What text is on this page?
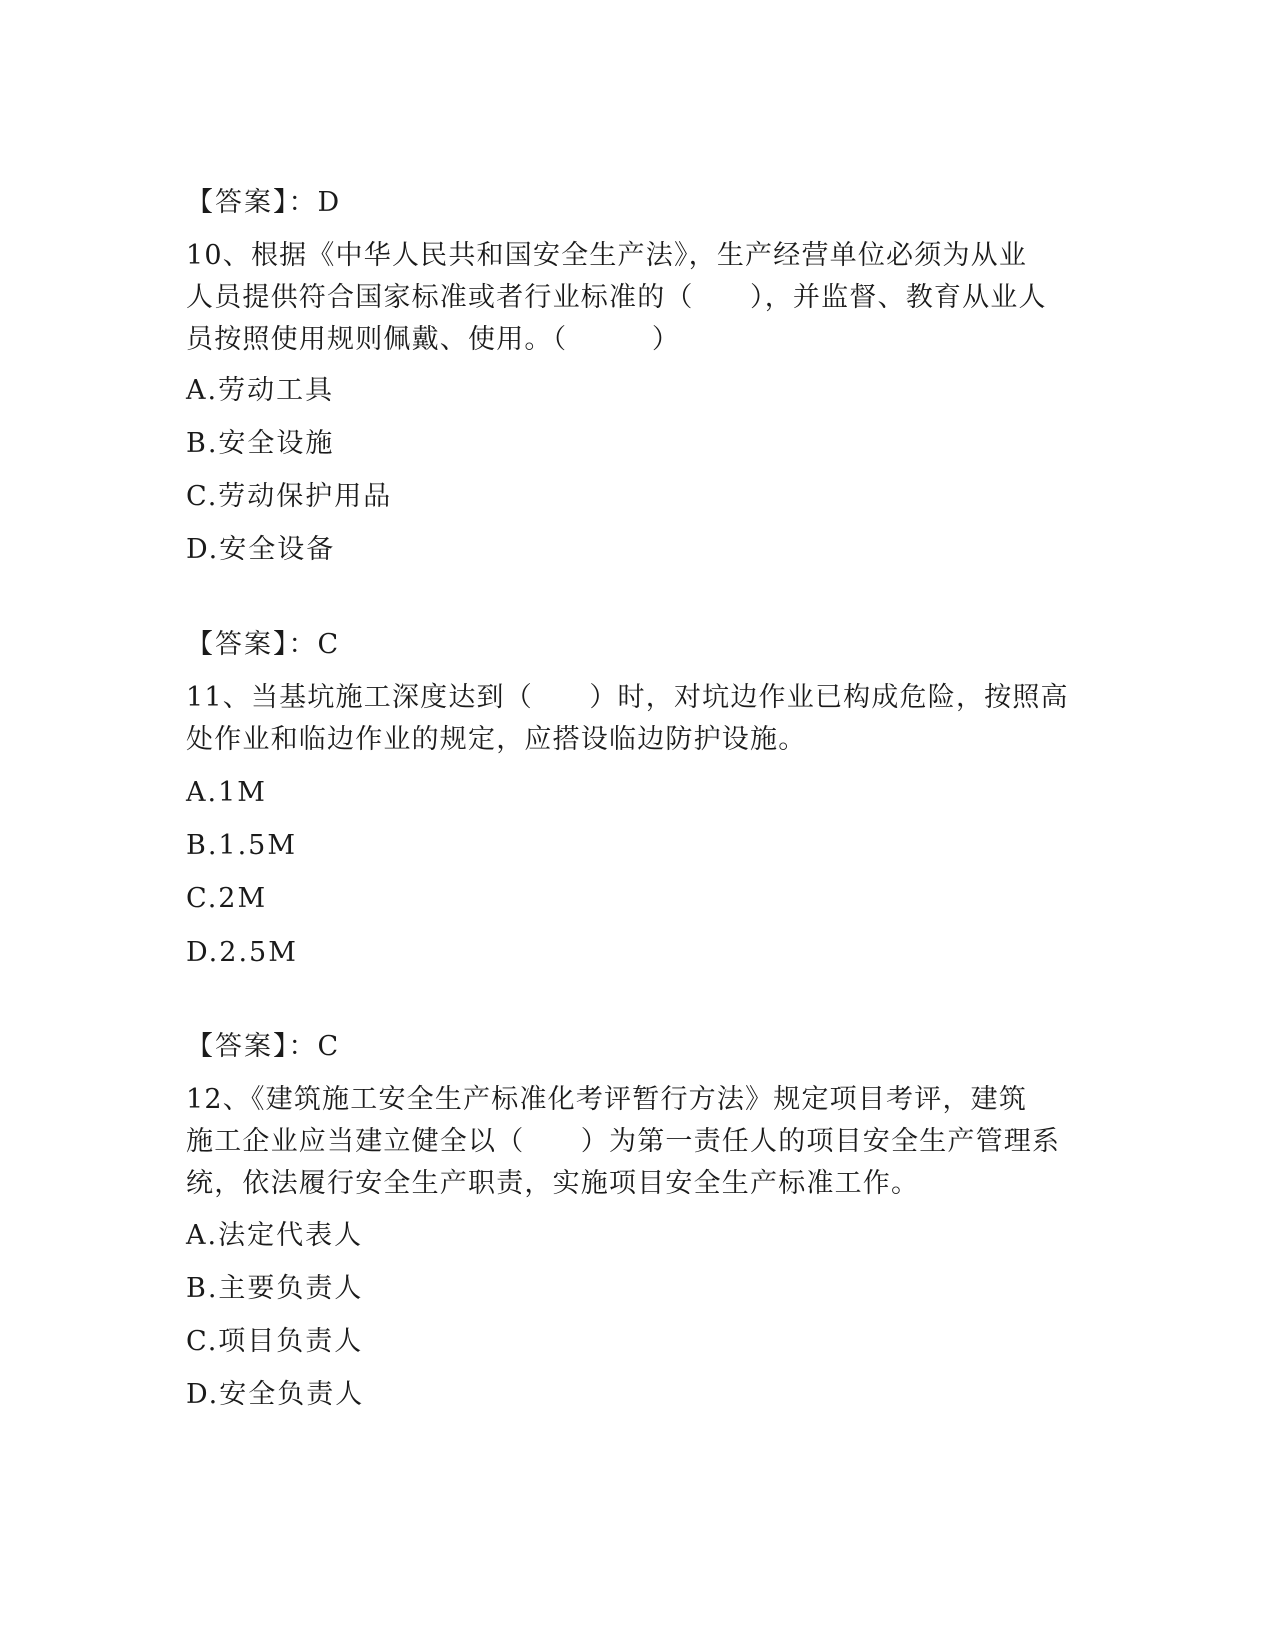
【答案】：D
10、根据《中华人民共和国安全生产法》，生产经营单位必须为从业
人员提供符合国家标准或者行业标准的（　　），并监督、教育从业人
员按照使用规则佩戴、使用。（　　　）
A.劳动工具
B.安全设施
C.劳动保护用品
D.安全设备
【答案】：C
11、当基坑施工深度达到（　　）时，对坑边作业已构成危险，按照高
处作业和临边作业的规定，应搭设临边防护设施。
A.1M
B.1.5M
C.2M
D.2.5M
【答案】：C
12、《建筑施工安全生产标准化考评暂行方法》规定项目考评，建筑
施工企业应当建立健全以（　　）为第一责任人的项目安全生产管理系
统，依法履行安全生产职责，实施项目安全生产标准工作。
A.法定代表人
B.主要负责人
C.项目负责人
D.安全负责人
